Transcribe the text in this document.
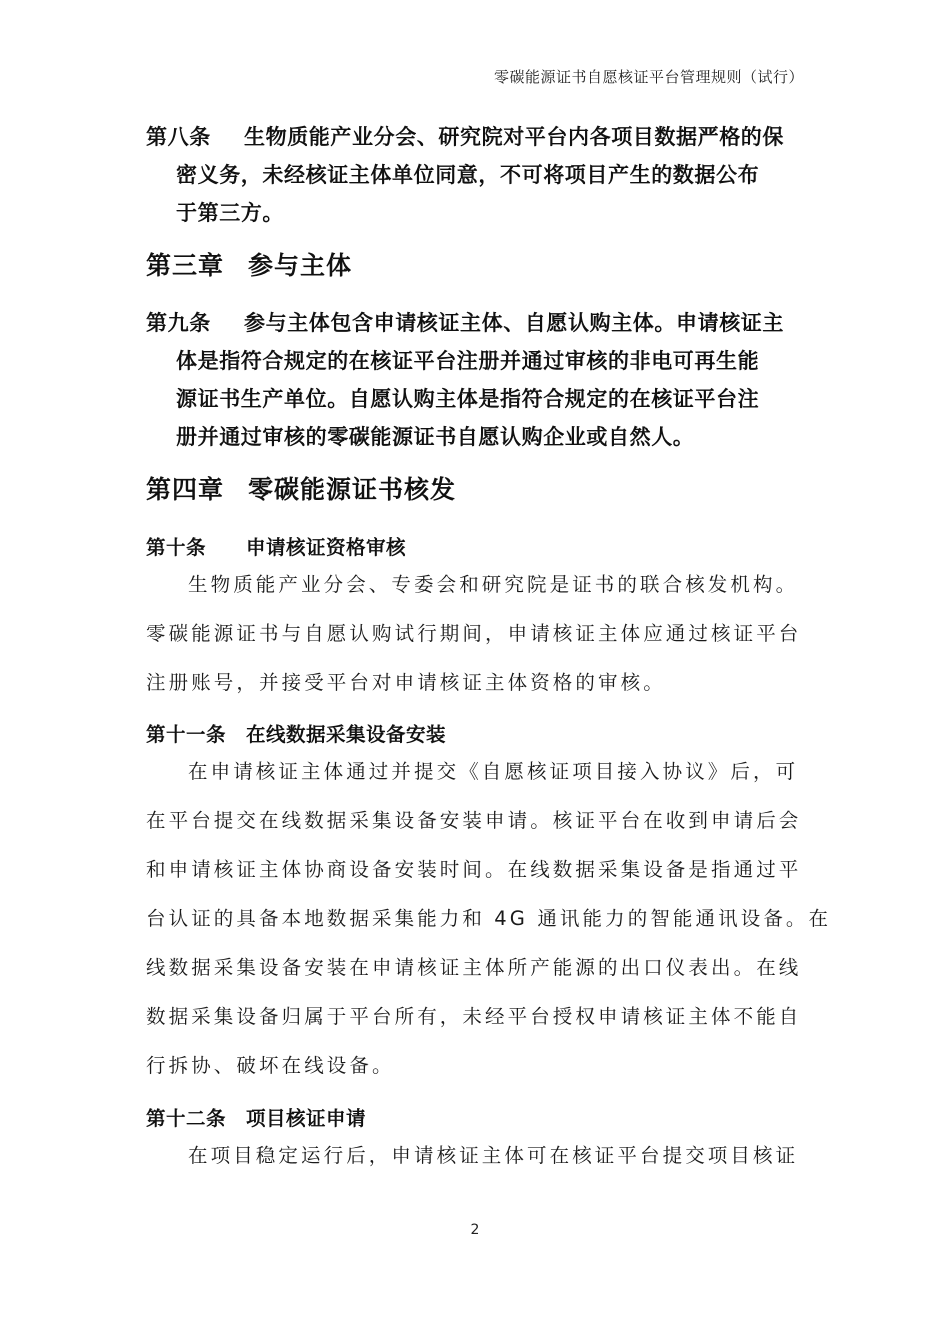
零碳能源证书自愿核证平台管理规则（试行）
第八条 生物质能产业分会、研究院对平台内各项目数据严格的保
密义务，未经核证主体单位同意，不可将项目产生的数据公布
于第三方。
第三章 参与主体
第九条 参与主体包含申请核证主体、自愿认购主体。申请核证主
体是指符合规定的在核证平台注册并通过审核的非电可再生能
源证书生产单位。自愿认购主体是指符合规定的在核证平台注
册并通过审核的零碳能源证书自愿认购企业或自然人。
第四章 零碳能源证书核发
第十条 申请核证资格审核
生物质能产业分会、专委会和研究院是证书的联合核发机构。
零碳能源证书与自愿认购试行期间，申请核证主体应通过核证平台
注册账号，并接受平台对申请核证主体资格的审核。
第十一条 在线数据采集设备安装
在申请核证主体通过并提交《自愿核证项目接入协议》后，可
在平台提交在线数据采集设备安装申请。核证平台在收到申请后会
和申请核证主体协商设备安装时间。在线数据采集设备是指通过平
台认证的具备本地数据采集能力和 4G 通讯能力的智能通讯设备。在
线数据采集设备安装在申请核证主体所产能源的出口仪表出。在线
数据采集设备归属于平台所有，未经平台授权申请核证主体不能自
行拆协、破坏在线设备。
第十二条 项目核证申请
在项目稳定运行后，申请核证主体可在核证平台提交项目核证
2
